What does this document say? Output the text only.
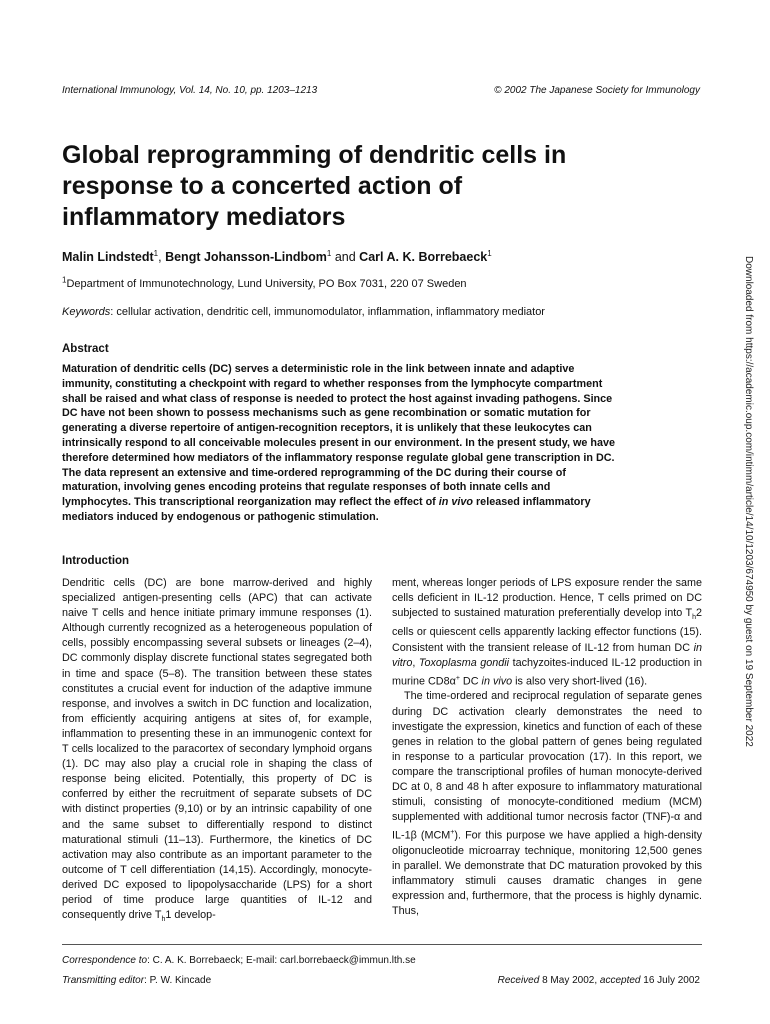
International Immunology, Vol. 14, No. 10, pp. 1203–1213	© 2002 The Japanese Society for Immunology
Global reprogramming of dendritic cells in response to a concerted action of inflammatory mediators
Malin Lindstedt$^1$, Bengt Johansson-Lindbom$^1$ and Carl A. K. Borrebaeck$^1$
$^1$Department of Immunotechnology, Lund University, PO Box 7031, 220 07 Sweden
Keywords: cellular activation, dendritic cell, immunomodulator, inflammation, inflammatory mediator
Abstract
Maturation of dendritic cells (DC) serves a deterministic role in the link between innate and adaptive immunity, constituting a checkpoint with regard to whether responses from the lymphocyte compartment shall be raised and what class of response is needed to protect the host against invading pathogens. Since DC have not been shown to possess mechanisms such as gene recombination or somatic mutation for generating a diverse repertoire of antigen-recognition receptors, it is unlikely that these leukocytes can intrinsically respond to all conceivable molecules present in our environment. In the present study, we have therefore determined how mediators of the inflammatory response regulate global gene transcription in DC. The data represent an extensive and time-ordered reprogramming of the DC during their course of maturation, involving genes encoding proteins that regulate responses of both innate cells and lymphocytes. This transcriptional reorganization may reflect the effect of in vivo released inflammatory mediators induced by endogenous or pathogenic stimulation.
Introduction

Dendritic cells (DC) are bone marrow-derived and highly specialized antigen-presenting cells (APC) that can activate naive T cells and hence initiate primary immune responses (1). Although currently recognized as a heterogeneous population of cells, possibly encompassing several subsets or lineages (2–4), DC commonly display discrete functional states segregated both in time and space (5–8). The transition between these states constitutes a crucial event for induction of the adaptive immune response, and involves a switch in DC function and localization, from efficiently acquiring antigens at sites of, for example, inflammation to presenting these in an immunogenic context for T cells localized to the paracortex of secondary lymphoid organs (1). DC may also play a crucial role in shaping the class of response being elicited. Potentially, this property of DC is conferred by either the recruitment of separate subsets of DC with distinct properties (9,10) or by an intrinsic capability of one and the same subset to differentially respond to distinct maturational stimuli (11–13). Furthermore, the kinetics of DC activation may also contribute as an important parameter to the outcome of T cell differentiation (14,15). Accordingly, monocyte-derived DC exposed to lipopolysaccharide (LPS) for a short period of time produce large quantities of IL-12 and consequently drive $T_h1$ develop-

ment, whereas longer periods of LPS exposure render the same cells deficient in IL-12 production. Hence, T cells primed on DC subjected to sustained maturation preferentially develop into $T_h2$ cells or quiescent cells apparently lacking effector functions (15). Consistent with the transient release of IL-12 from human DC in vitro, Toxoplasma gondii tachyzoites-induced IL-12 production in murine CD8α+ DC in vivo is also very short-lived (16).

The time-ordered and reciprocal regulation of separate genes during DC activation clearly demonstrates the need to investigate the expression, kinetics and function of each of these genes in relation to the global pattern of genes being regulated in response to a particular provocation (17). In this report, we compare the transcriptional profiles of human monocyte-derived DC at 0, 8 and 48 h after exposure to inflammatory maturational stimuli, consisting of monocyte-conditioned medium (MCM) supplemented with additional tumor necrosis factor (TNF)-α and IL-1β (MCM+). For this purpose we have applied a high-density oligonucleotide microarray technique, monitoring 12,500 genes in parallel. We demonstrate that DC maturation provoked by this inflammatory stimuli causes dramatic changes in gene expression and, furthermore, that the process is highly dynamic. Thus,

Correspondence to: C. A. K. Borrebaeck; E-mail: carl.borrebaeck@immun.lth.se
Transmitting editor: P. W. Kincade	Received 8 May 2002, accepted 16 July 2002
Downloaded from https://academic.oup.com/intimm/article/14/10/1203/674950 by guest on 19 September 2022
